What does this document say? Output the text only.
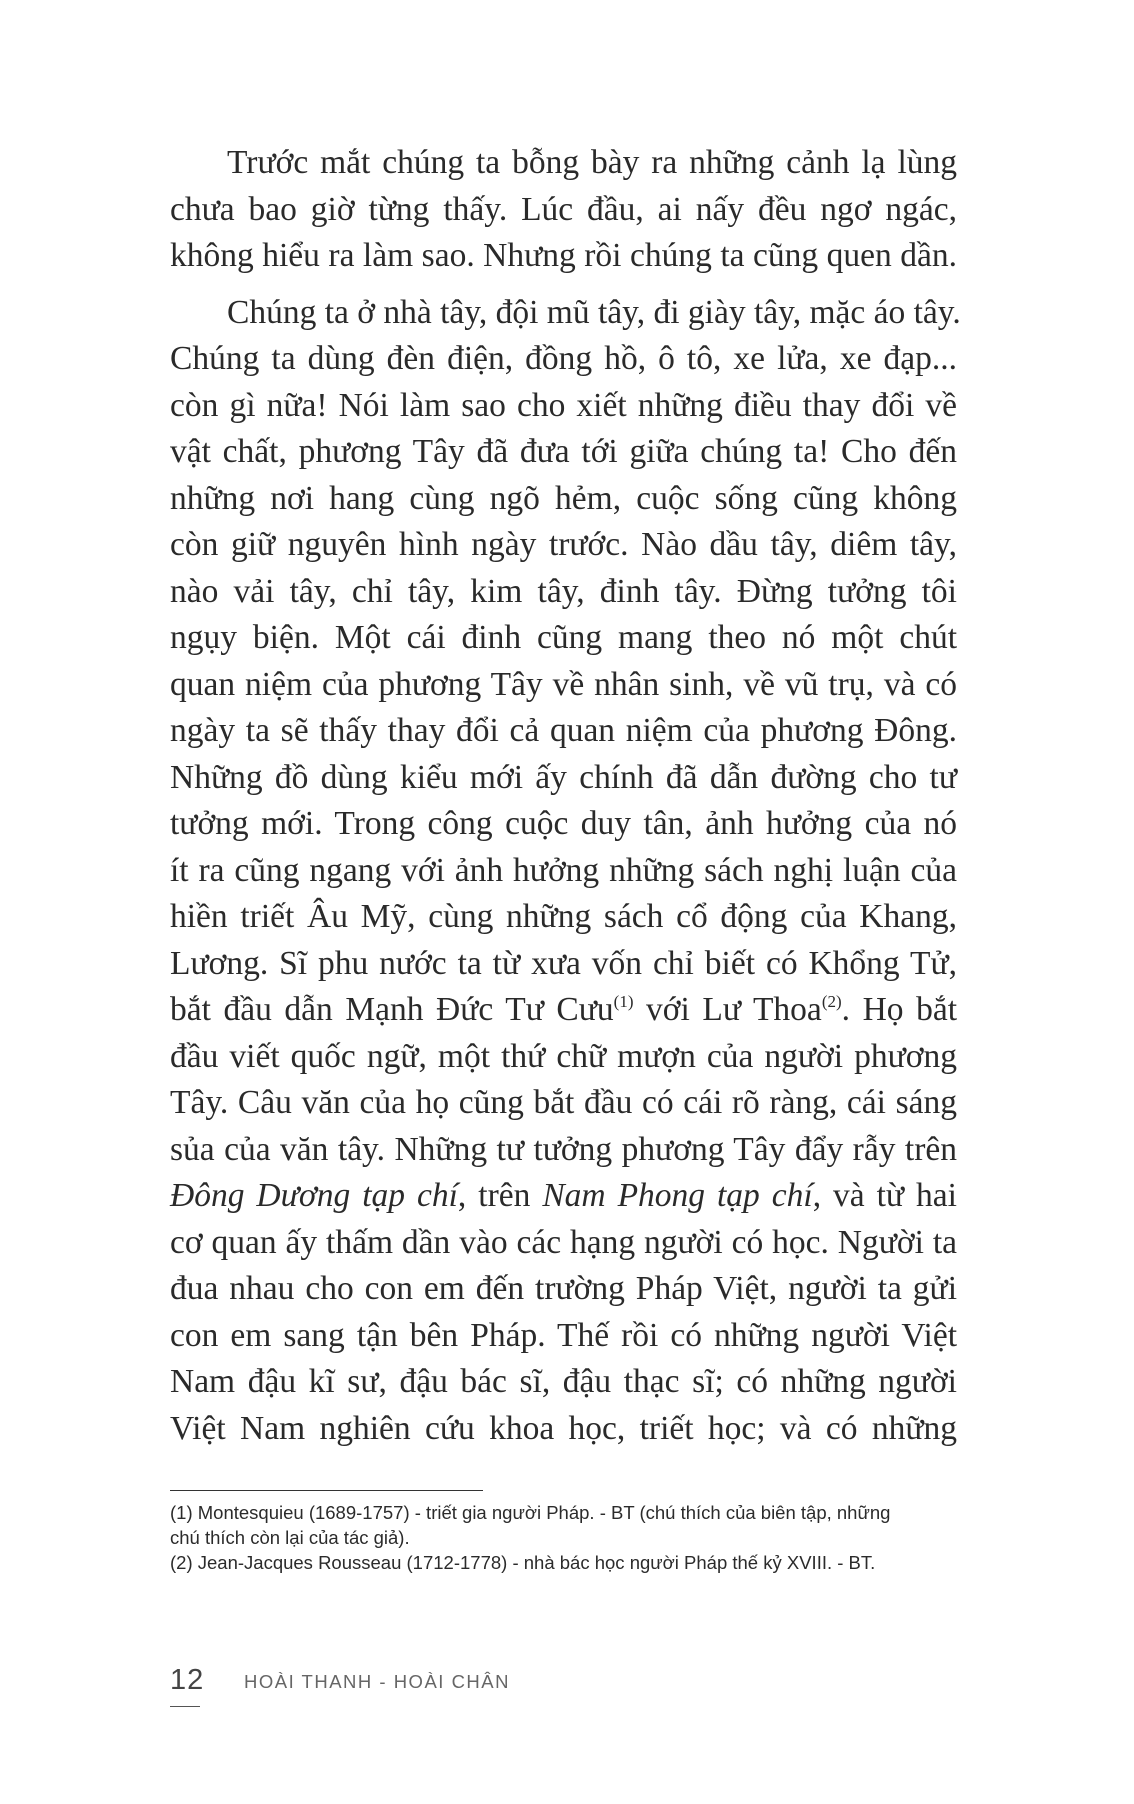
Trước mắt chúng ta bỗng bày ra những cảnh lạ lùng
chưa bao giờ từng thấy. Lúc đầu, ai nấy đều ngơ ngác,
không hiểu ra làm sao. Nhưng rồi chúng ta cũng quen dần.
Chúng ta ở nhà tây, đội mũ tây, đi giày tây, mặc áo tây.
Chúng ta dùng đèn điện, đồng hồ, ô tô, xe lửa, xe đạp...
còn gì nữa! Nói làm sao cho xiết những điều thay đổi về
vật chất, phương Tây đã đưa tới giữa chúng ta! Cho đến
những nơi hang cùng ngõ hẻm, cuộc sống cũng không
còn giữ nguyên hình ngày trước. Nào dầu tây, diêm tây,
nào vải tây, chỉ tây, kim tây, đinh tây. Đừng tưởng tôi
ngụy biện. Một cái đinh cũng mang theo nó một chút
quan niệm của phương Tây về nhân sinh, về vũ trụ, và có
ngày ta sẽ thấy thay đổi cả quan niệm của phương Đông.
Những đồ dùng kiểu mới ấy chính đã dẫn đường cho tư
tưởng mới. Trong công cuộc duy tân, ảnh hưởng của nó
ít ra cũng ngang với ảnh hưởng những sách nghị luận của
hiền triết Âu Mỹ, cùng những sách cổ động của Khang,
Lương. Sĩ phu nước ta từ xưa vốn chỉ biết có Khổng Tử,
bắt đầu dẫn Mạnh Đức Tư Cưu$^{(1)}$ với Lư Thoa$^{(2)}$. Họ bắt
đầu viết quốc ngữ, một thứ chữ mượn của người phương
Tây. Câu văn của họ cũng bắt đầu có cái rõ ràng, cái sáng
sủa của văn tây. Những tư tưởng phương Tây đẩy rẫy trên
Đông Dương tạp chí, trên Nam Phong tạp chí, và từ hai
cơ quan ấy thấm dần vào các hạng người có học. Người ta
đua nhau cho con em đến trường Pháp Việt, người ta gửi
con em sang tận bên Pháp. Thế rồi có những người Việt
Nam đậu kĩ sư, đậu bác sĩ, đậu thạc sĩ; có những người
Việt Nam nghiên cứu khoa học, triết học; và có những

(1) Montesquieu (1689-1757) - triết gia người Pháp. - BT (chú thích của biên tập, những

chú thích còn lại của tác giả).

(2) Jean-Jacques Rousseau (1712-1778) - nhà bác học người Pháp thế kỷ XVIII. - BT.

12 HOÀI THANH - HOÀI CHÂN
